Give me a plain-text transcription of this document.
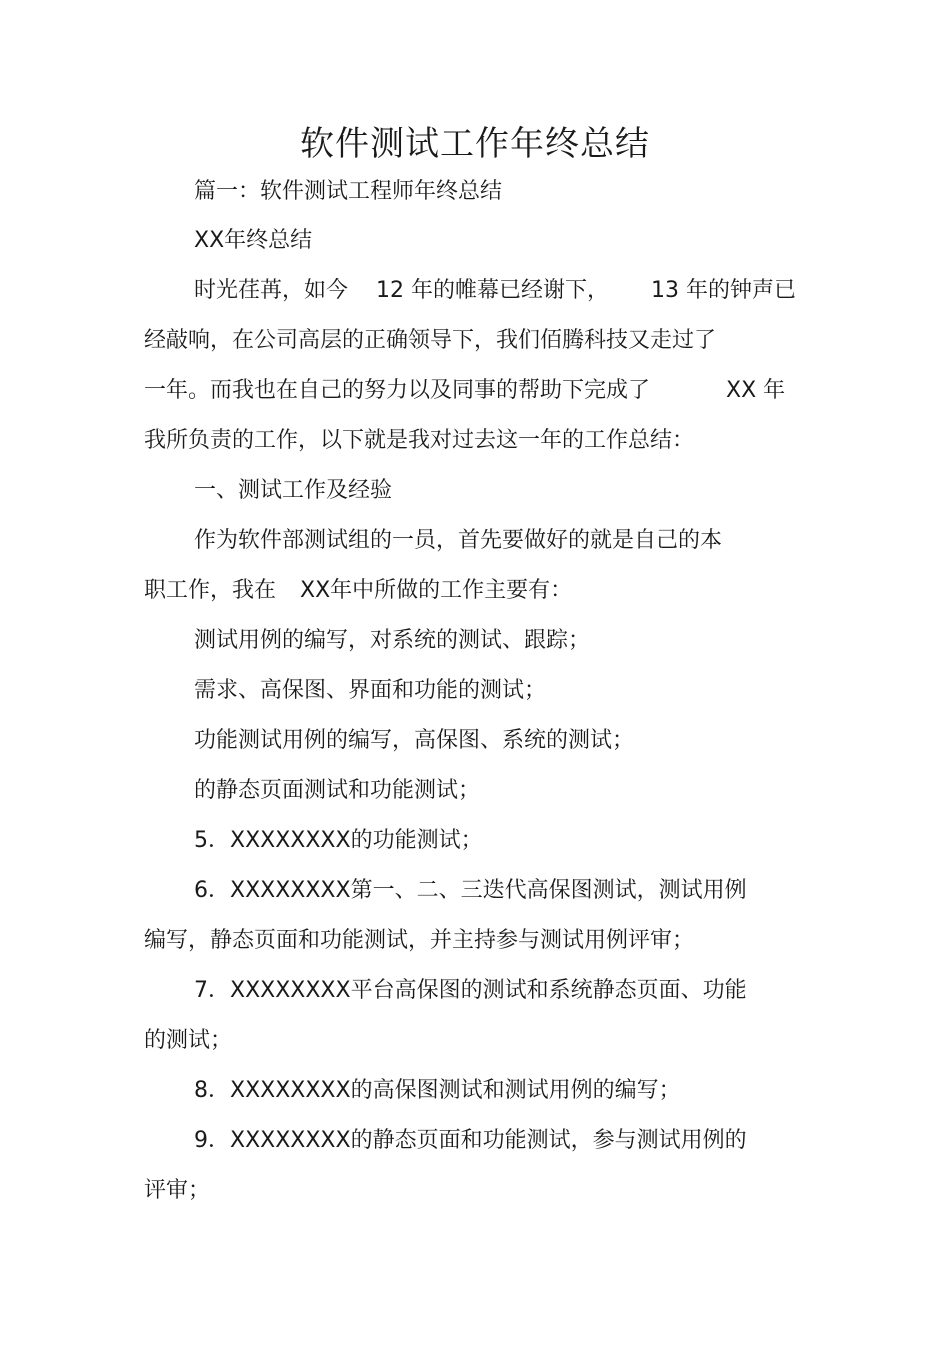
软件测试工作年终总结

篇一：软件测试工程师年终总结

XX年终总结

时光荏苒，如今 12 年的帷幕已经谢下， 13 年的钟声已

经敲响，在公司高层的正确领导下，我们佰腾科技又走过了

一年。而我也在自己的努力以及同事的帮助下完成了	XX 年

我所负责的工作，以下就是我对过去这一年的工作总结：

一、测试工作及经验

作为软件部测试组的一员，首先要做好的就是自己的本

职工作，我在 XX年中所做的工作主要有：

测试用例的编写，对系统的测试、跟踪；

需求、高保图、界面和功能的测试；

功能测试用例的编写，高保图、系统的测试；

的静态页面测试和功能测试；

5．XXXXXXXX的功能测试；

6．XXXXXXXX第一、二、三迭代高保图测试，测试用例

编写，静态页面和功能测试，并主持参与测试用例评审；

7．XXXXXXXX平台高保图的测试和系统静态页面、功能

的测试；

8．XXXXXXXX的高保图测试和测试用例的编写；

9．XXXXXXXX的静态页面和功能测试，参与测试用例的

评审；
